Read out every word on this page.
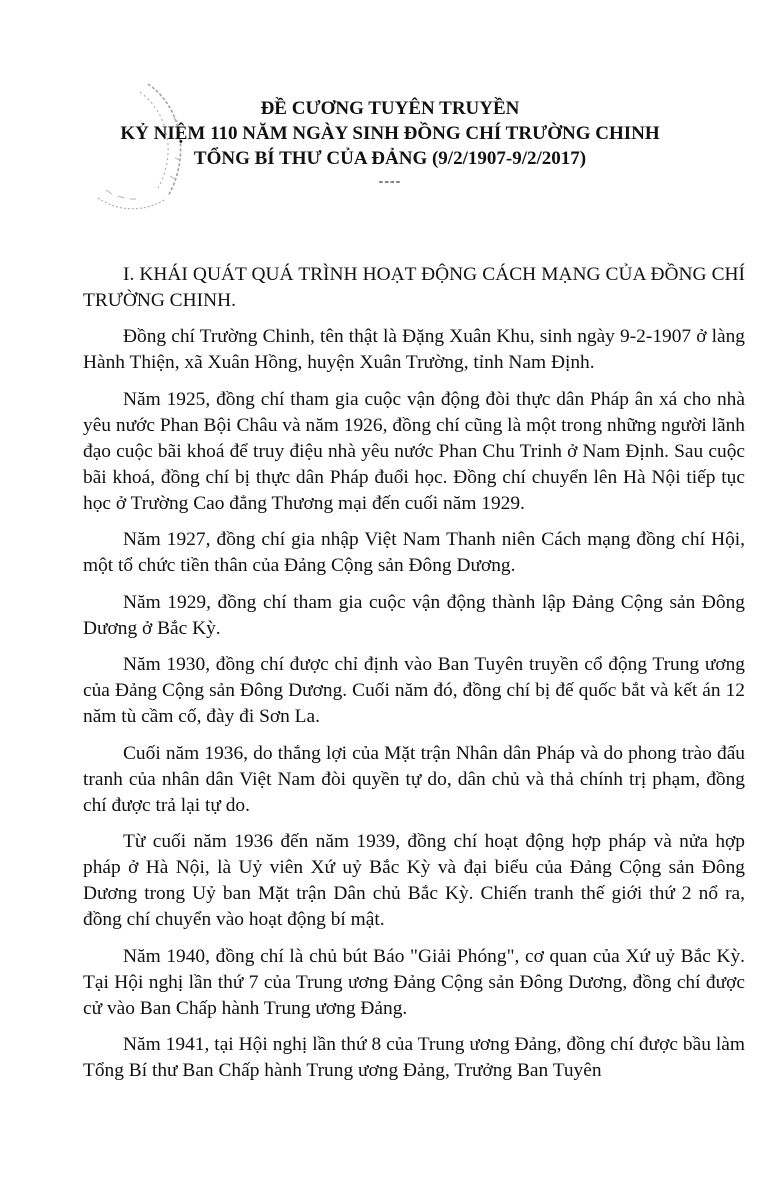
ĐỀ CƯƠNG TUYÊN TRUYỀN
KỶ NIỆM 110 NĂM NGÀY SINH ĐỒNG CHÍ TRƯỜNG CHINH
TỔNG BÍ THƯ CỦA ĐẢNG (9/2/1907-9/2/2017)
----

I. KHÁI QUÁT QUÁ TRÌNH HOẠT ĐỘNG CÁCH MẠNG CỦA ĐỒNG CHÍ TRƯỜNG CHINH.

Đồng chí Trường Chinh, tên thật là Đặng Xuân Khu, sinh ngày 9-2-1907 ở làng Hành Thiện, xã Xuân Hồng, huyện Xuân Trường, tỉnh Nam Định.

Năm 1925, đồng chí tham gia cuộc vận động đòi thực dân Pháp ân xá cho nhà yêu nước Phan Bội Châu và năm 1926, đồng chí cũng là một trong những người lãnh đạo cuộc bãi khoá để truy điệu nhà yêu nước Phan Chu Trinh ở Nam Định. Sau cuộc bãi khoá, đồng chí bị thực dân Pháp đuổi học. Đồng chí chuyển lên Hà Nội tiếp tục học ở Trường Cao đẳng Thương mại đến cuối năm 1929.

Năm 1927, đồng chí gia nhập Việt Nam Thanh niên Cách mạng đồng chí Hội, một tổ chức tiền thân của Đảng Cộng sản Đông Dương.

Năm 1929, đồng chí tham gia cuộc vận động thành lập Đảng Cộng sản Đông Dương ở Bắc Kỳ.

Năm 1930, đồng chí được chỉ định vào Ban Tuyên truyền cổ động Trung ương của Đảng Cộng sản Đông Dương. Cuối năm đó, đồng chí bị đế quốc bắt và kết án 12 năm tù cầm cố, đày đi Sơn La.

Cuối năm 1936, do thắng lợi của Mặt trận Nhân dân Pháp và do phong trào đấu tranh của nhân dân Việt Nam đòi quyền tự do, dân chủ và thả chính trị phạm, đồng chí được trả lại tự do.

Từ cuối năm 1936 đến năm 1939, đồng chí hoạt động hợp pháp và nửa hợp pháp ở Hà Nội, là Uỷ viên Xứ uỷ Bắc Kỳ và đại biểu của Đảng Cộng sản Đông Dương trong Uỷ ban Mặt trận Dân chủ Bắc Kỳ. Chiến tranh thế giới thứ 2 nổ ra, đồng chí chuyển vào hoạt động bí mật.

Năm 1940, đồng chí là chủ bút Báo "Giải Phóng", cơ quan của Xứ uỷ Bắc Kỳ. Tại Hội nghị lần thứ 7 của Trung ương Đảng Cộng sản Đông Dương, đồng chí được cử vào Ban Chấp hành Trung ương Đảng.

Năm 1941, tại Hội nghị lần thứ 8 của Trung ương Đảng, đồng chí được bầu làm Tổng Bí thư Ban Chấp hành Trung ương Đảng, Trưởng Ban Tuyên
